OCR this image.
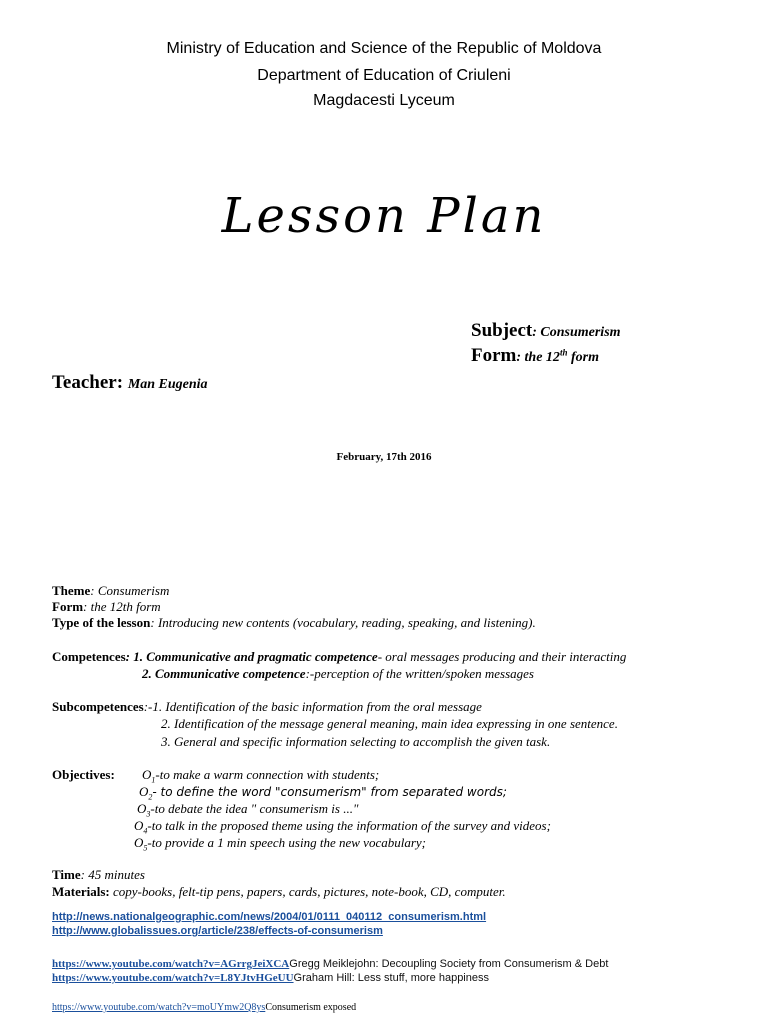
Ministry of Education and Science of the Republic of Moldova
Department of Education of Criuleni
Magdacesti Lyceum
Lesson Plan
Subject: Consumerism
Form: the 12th form
Teacher: Man Eugenia
February, 17th 2016
Theme: Consumerism
Form: the 12th form
Type of the lesson: Introducing new contents (vocabulary, reading, speaking, and listening).
Competences: 1. Communicative and pragmatic competence- oral messages producing and their interacting
2. Communicative competence:-perception of the written/spoken messages
Subcompetences:-1. Identification of the basic information from the oral message
2. Identification of the message general meaning, main idea expressing in one sentence.
3. General and specific information selecting to accomplish the given task.
Objectives: $O_1-to$ make a warm connection with students;
$O_2-$ to define the word "consumerism" from separated words;
$O_3-to$ debate the idea " consumerism is ..."
$O_4-to$ talk in the proposed theme using the information of the survey and videos;
$O_5-to$ provide a 1 min speech using the new vocabulary;
Time: 45 minutes
Materials: copy-books, felt-tip pens, papers, cards, pictures, note-book, CD, computer.
http://news.nationalgeographic.com/news/2004/01/0111_040112_consumerism.html
http://www.globalissues.org/article/238/effects-of-consumerism
https://www.youtube.com/watch?v=AGrrgJeiXCAGregg Meiklejohn: Decoupling Society from Consumerism & Debt
https://www.youtube.com/watch?v=L8YJtvHGeUUGraham Hill: Less stuff, more happiness
https://www.youtube.com/watch?v=moUYmw2Q8ysConsumerism exposed
